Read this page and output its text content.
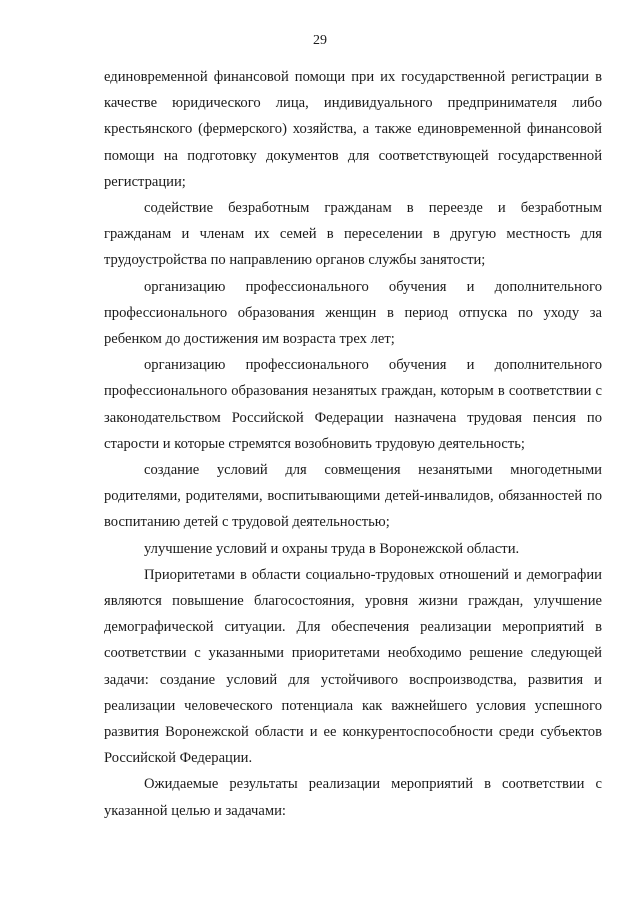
29

единовременной финансовой помощи при их государственной регистрации в качестве юридического лица, индивидуального предпринимателя либо крестьянского (фермерского) хозяйства, а также единовременной финансовой помощи на подготовку документов для соответствующей государственной регистрации;

содействие безработным гражданам в переезде и безработным гражданам и членам их семей в переселении в другую местность для трудоустройства по направлению органов службы занятости;

организацию профессионального обучения и дополнительного профессионального образования женщин в период отпуска по уходу за ребенком до достижения им возраста трех лет;

организацию профессионального обучения и дополнительного профессионального образования незанятых граждан, которым в соответствии с законодательством Российской Федерации назначена трудовая пенсия по старости и которые стремятся возобновить трудовую деятельность;

создание условий для совмещения незанятыми многодетными родителями, родителями, воспитывающими детей-инвалидов, обязанностей по воспитанию детей с трудовой деятельностью;

улучшение условий и охраны труда в Воронежской области.

Приоритетами в области социально-трудовых отношений и демографии являются повышение благосостояния, уровня жизни граждан, улучшение демографической ситуации. Для обеспечения реализации мероприятий в соответствии с указанными приоритетами необходимо решение следующей задачи: создание условий для устойчивого воспроизводства, развития и реализации человеческого потенциала как важнейшего условия успешного развития Воронежской области и ее конкурентоспособности среди субъектов Российской Федерации.

Ожидаемые результаты реализации мероприятий в соответствии с указанной целью и задачами:
